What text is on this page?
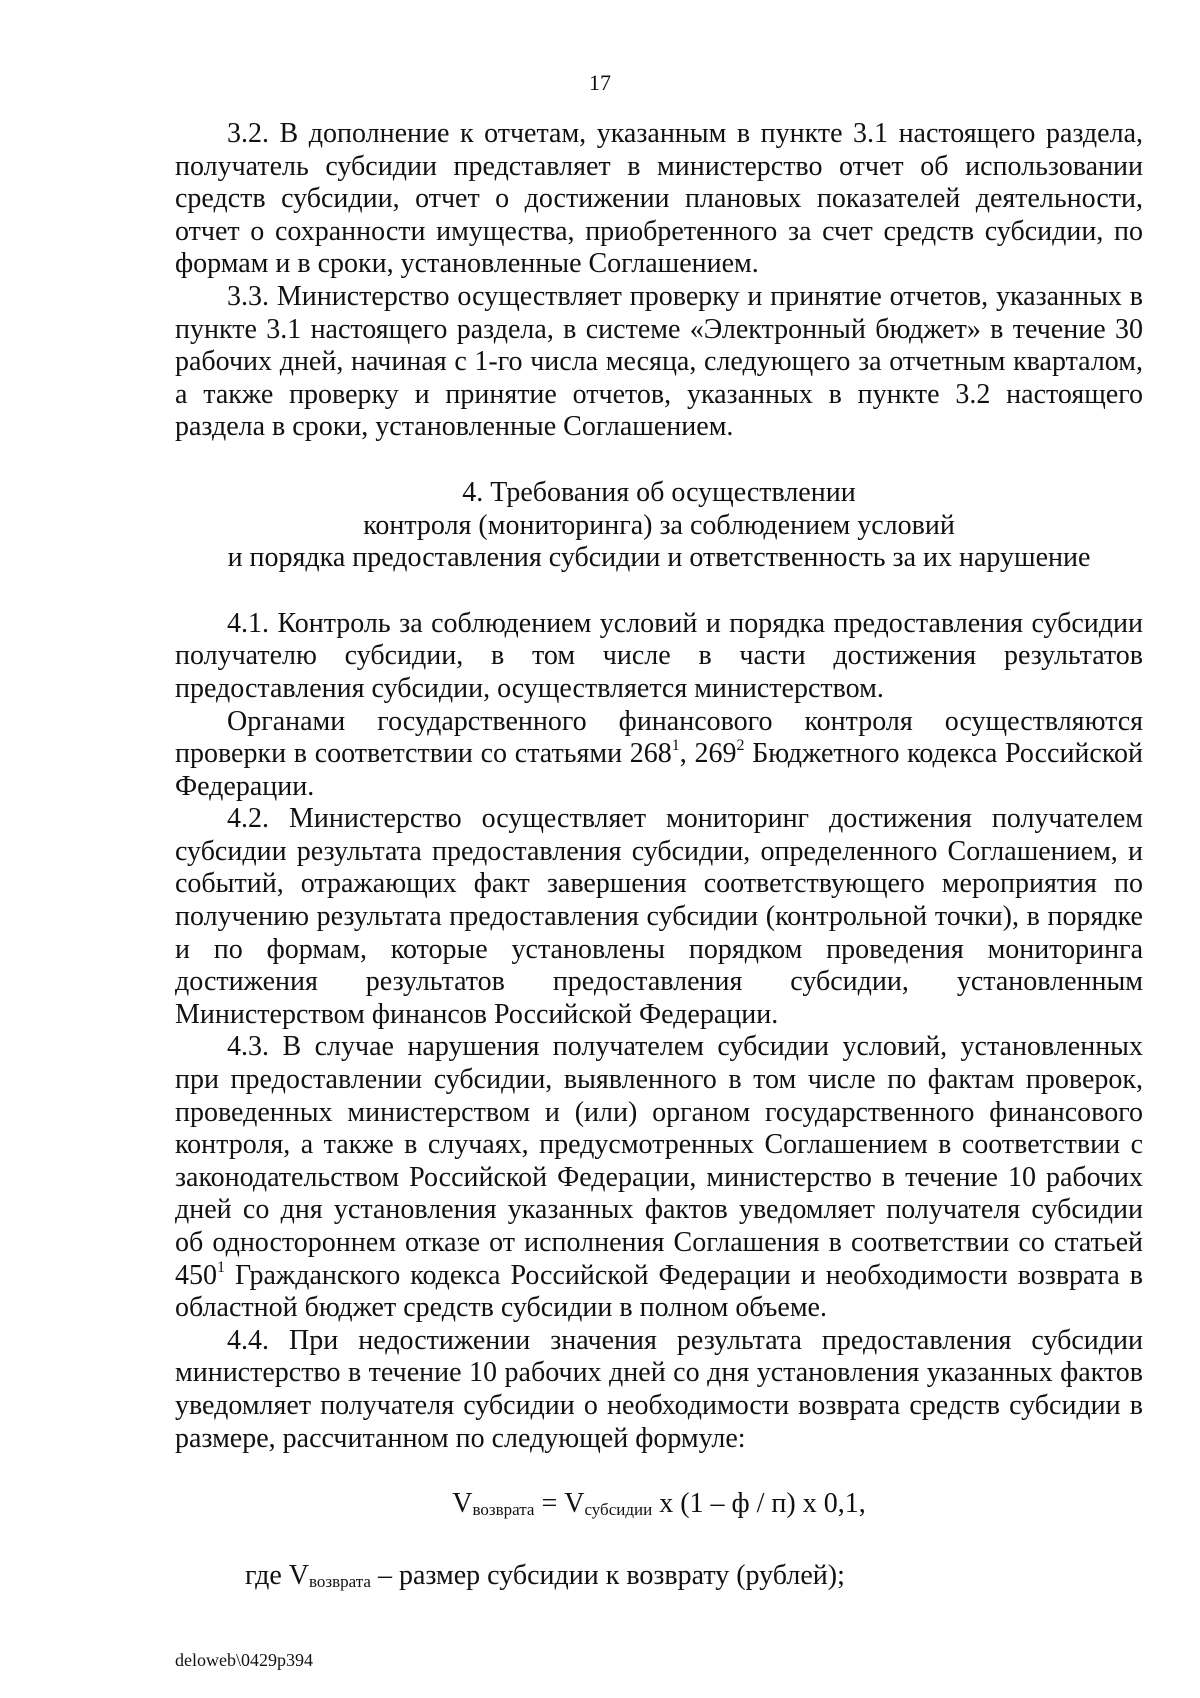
17

3.2. В дополнение к отчетам, указанным в пункте 3.1 настоящего раздела, получатель субсидии представляет в министерство отчет об использовании средств субсидии, отчет о достижении плановых показателей деятельности, отчет о сохранности имущества, приобретенного за счет средств субсидии, по формам и в сроки, установленные Соглашением.

3.3. Министерство осуществляет проверку и принятие отчетов, указанных в пункте 3.1 настоящего раздела, в системе «Электронный бюджет» в течение 30 рабочих дней, начиная с 1-го числа месяца, следующего за отчетным кварталом, а также проверку и принятие отчетов, указанных в пункте 3.2 настоящего раздела в сроки, установленные Соглашением.

4. Требования об осуществлении
контроля (мониторинга) за соблюдением условий
и порядка предоставления субсидии и ответственность за их нарушение

4.1. Контроль за соблюдением условий и порядка предоставления субсидии получателю субсидии, в том числе в части достижения результатов предоставления субсидии, осуществляется министерством.

Органами государственного финансового контроля осуществляются проверки в соответствии со статьями $268^1$, $269^2$ Бюджетного кодекса Российской Федерации.

4.2. Министерство осуществляет мониторинг достижения получателем субсидии результата предоставления субсидии, определенного Соглашением, и событий, отражающих факт завершения соответствующего мероприятия по получению результата предоставления субсидии (контрольной точки), в порядке и по формам, которые установлены порядком проведения мониторинга достижения результатов предоставления субсидии, установленным Министерством финансов Российской Федерации.

4.3. В случае нарушения получателем субсидии условий, установленных при предоставлении субсидии, выявленного в том числе по фактам проверок, проведенных министерством и (или) органом государственного финансового контроля, а также в случаях, предусмотренных Соглашением в соответствии с законодательством Российской Федерации, министерство в течение 10 рабочих дней со дня установления указанных фактов уведомляет получателя субсидии об одностороннем отказе от исполнения Соглашения в соответствии со статьей $450^1$ Гражданского кодекса Российской Федерации и необходимости возврата в областной бюджет средств субсидии в полном объеме.

4.4. При недостижении значения результата предоставления субсидии министерство в течение 10 рабочих дней со дня установления указанных фактов уведомляет получателя субсидии о необходимости возврата средств субсидии в размере, рассчитанном по следующей формуле:

Vвозврата = Vсубсидии x (1 – ф / п) x 0,1,

где Vвозврата – размер субсидии к возврату (рублей);

deloweb\0429p394
